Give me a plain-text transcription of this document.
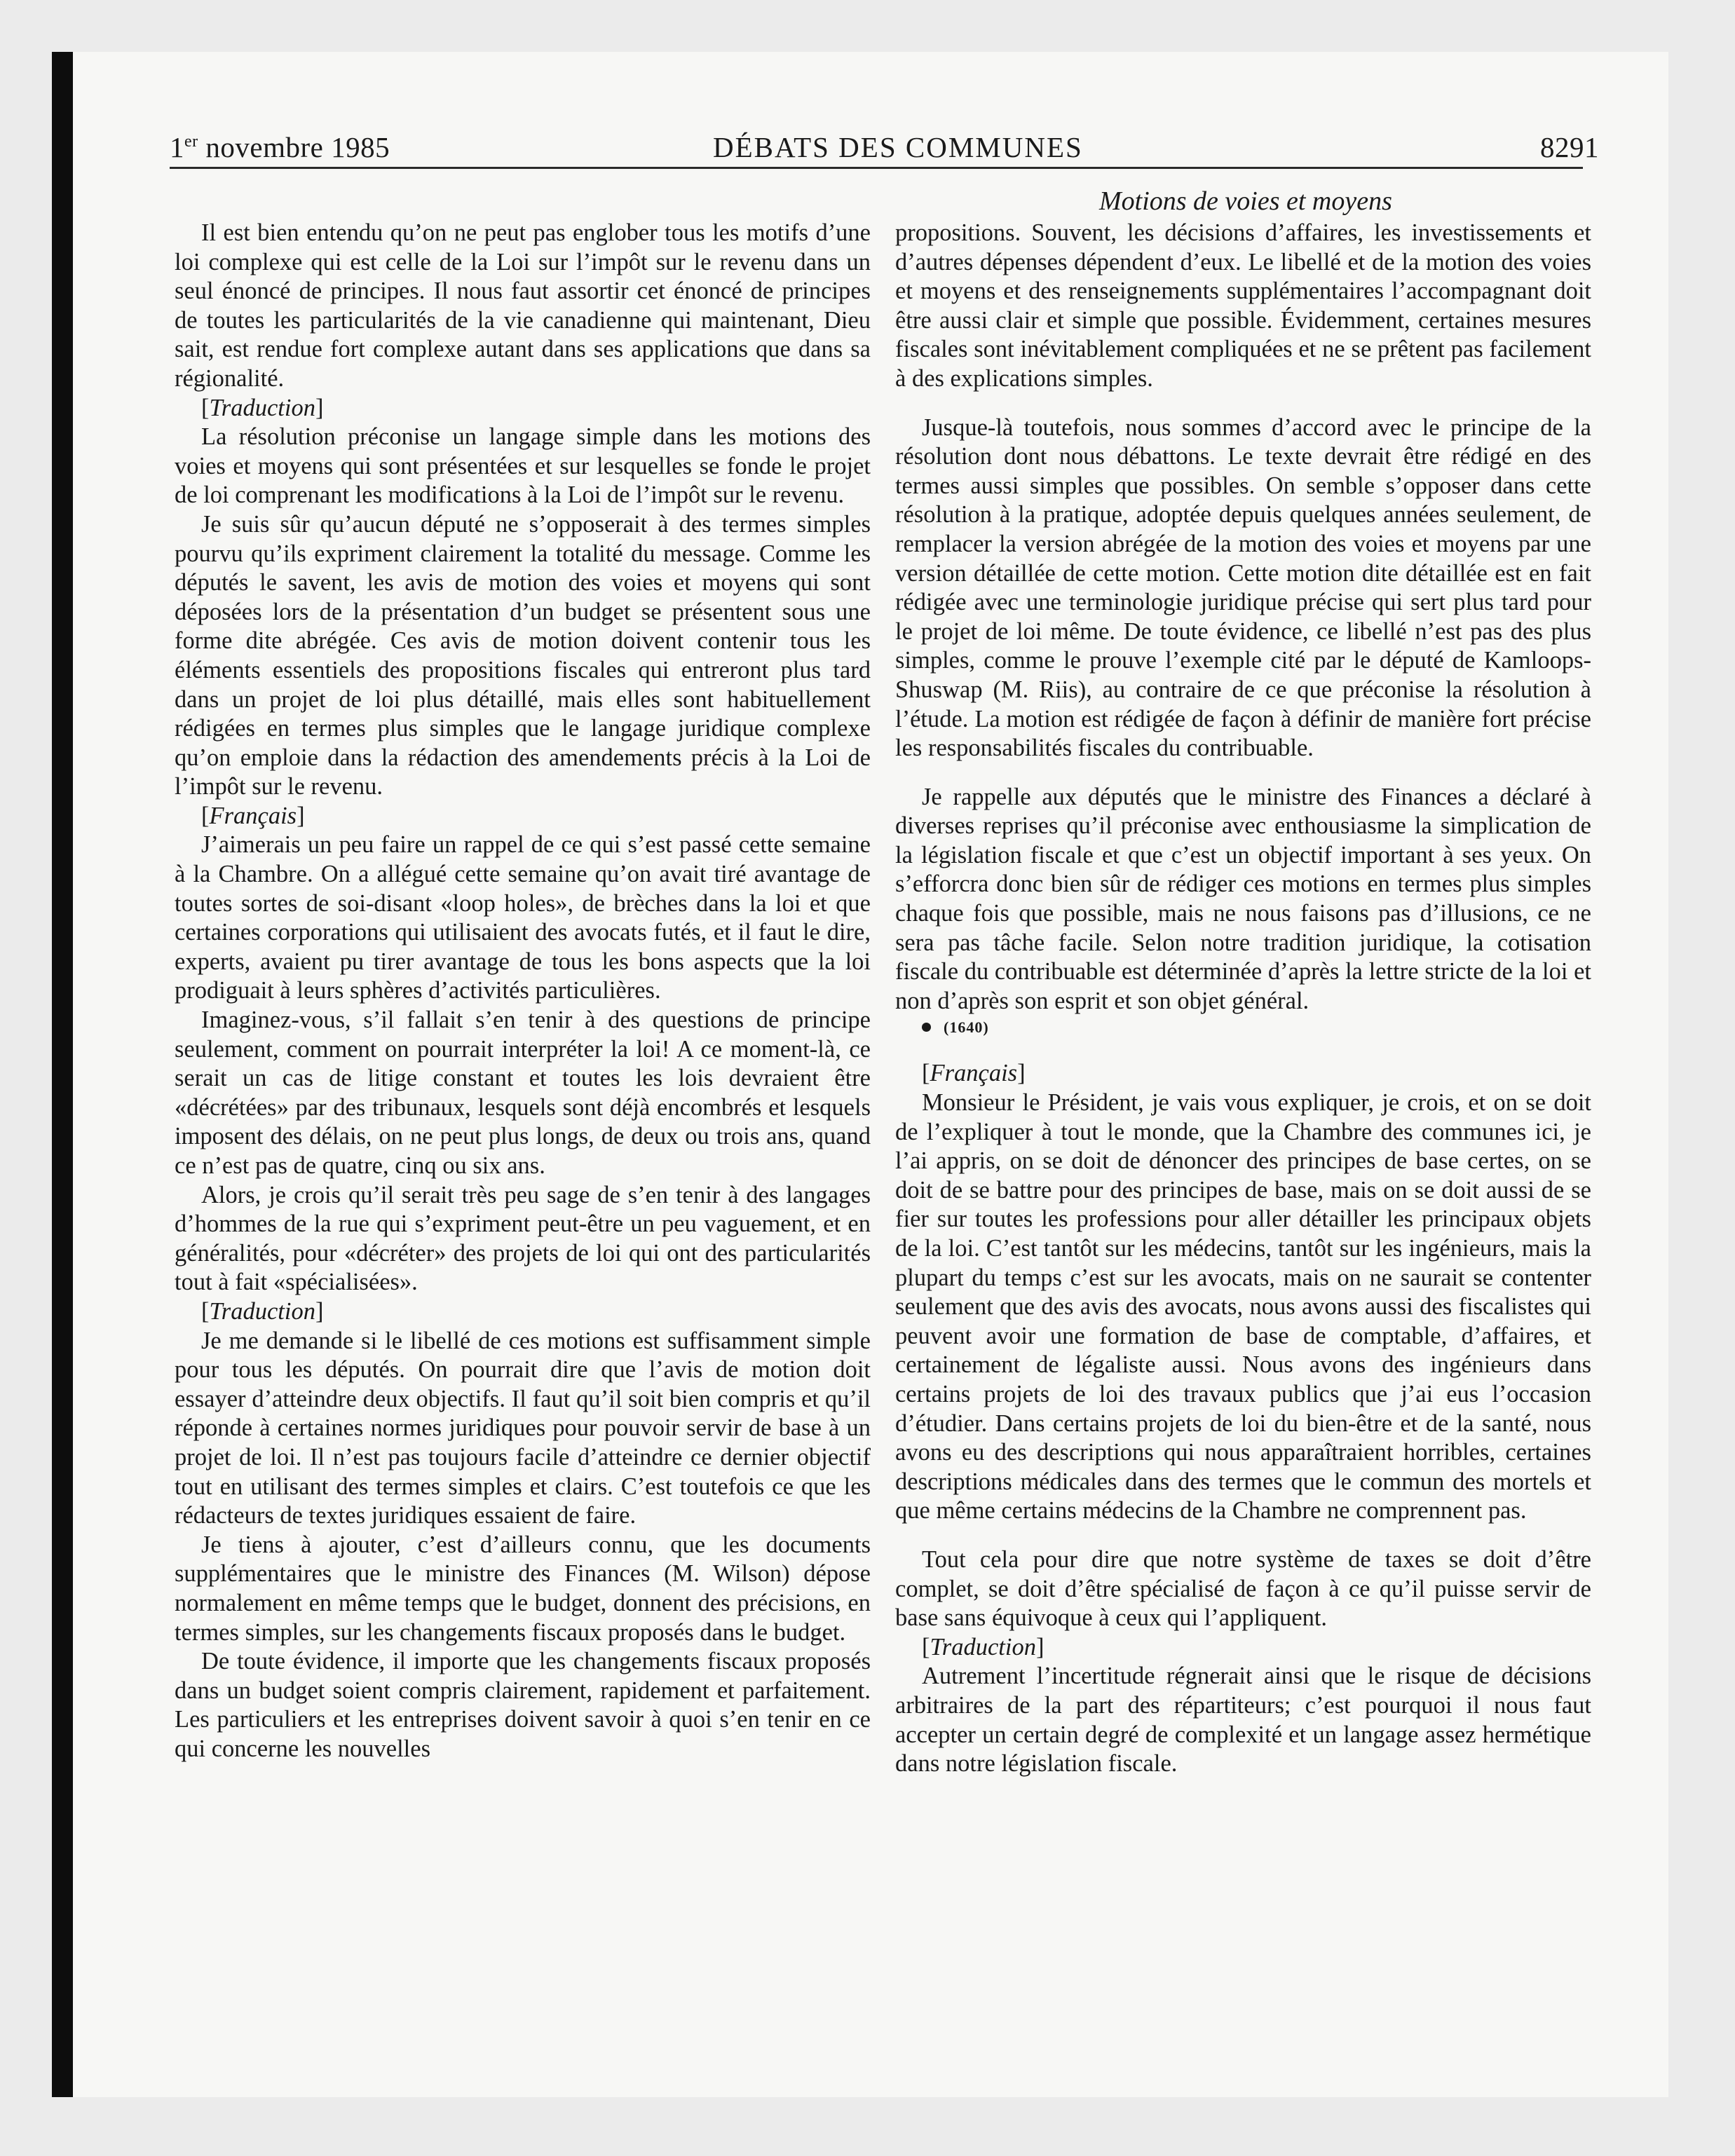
1er novembre 1985	DÉBATS DES COMMUNES	8291
Motions de voies et moyens

Il est bien entendu qu’on ne peut pas englober tous les motifs d’une loi complexe qui est celle de la Loi sur l’impôt sur le revenu dans un seul énoncé de principes. Il nous faut assortir cet énoncé de principes de toutes les particularités de la vie canadienne qui maintenant, Dieu sait, est rendue fort complexe autant dans ses applications que dans sa régionalité.

[Traduction]

La résolution préconise un langage simple dans les motions des voies et moyens qui sont présentées et sur lesquelles se fonde le projet de loi comprenant les modifications à la Loi de l’impôt sur le revenu.

Je suis sûr qu’aucun député ne s’opposerait à des termes simples pourvu qu’ils expriment clairement la totalité du message. Comme les députés le savent, les avis de motion des voies et moyens qui sont déposées lors de la présentation d’un budget se présentent sous une forme dite abrégée. Ces avis de motion doivent contenir tous les éléments essentiels des propositions fiscales qui entreront plus tard dans un projet de loi plus détaillé, mais elles sont habituellement rédigées en termes plus simples que le langage juridique complexe qu’on emploie dans la rédaction des amendements précis à la Loi de l’impôt sur le revenu.

[Français]

J’aimerais un peu faire un rappel de ce qui s’est passé cette semaine à la Chambre. On a allégué cette semaine qu’on avait tiré avantage de toutes sortes de soi-disant «loop holes», de brèches dans la loi et que certaines corporations qui utilisaient des avocats futés, et il faut le dire, experts, avaient pu tirer avantage de tous les bons aspects que la loi prodiguait à leurs sphères d’activités particulières.

Imaginez-vous, s’il fallait s’en tenir à des questions de principe seulement, comment on pourrait interpréter la loi! A ce moment-là, ce serait un cas de litige constant et toutes les lois devraient être «décrétées» par des tribunaux, lesquels sont déjà encombrés et lesquels imposent des délais, on ne peut plus longs, de deux ou trois ans, quand ce n’est pas de quatre, cinq ou six ans.

Alors, je crois qu’il serait très peu sage de s’en tenir à des langages d’hommes de la rue qui s’expriment peut-être un peu vaguement, et en généralités, pour «décréter» des projets de loi qui ont des particularités tout à fait «spécialisées».

[Traduction]

Je me demande si le libellé de ces motions est suffisamment simple pour tous les députés. On pourrait dire que l’avis de motion doit essayer d’atteindre deux objectifs. Il faut qu’il soit bien compris et qu’il réponde à certaines normes juridiques pour pouvoir servir de base à un projet de loi. Il n’est pas toujours facile d’atteindre ce dernier objectif tout en utilisant des termes simples et clairs. C’est toutefois ce que les rédacteurs de textes juridiques essaient de faire.

Je tiens à ajouter, c’est d’ailleurs connu, que les documents supplémentaires que le ministre des Finances (M. Wilson) dépose normalement en même temps que le budget, donnent des précisions, en termes simples, sur les changements fiscaux proposés dans le budget.

De toute évidence, il importe que les changements fiscaux proposés dans un budget soient compris clairement, rapidement et parfaitement. Les particuliers et les entreprises doivent savoir à quoi s’en tenir en ce qui concerne les nouvelles

propositions. Souvent, les décisions d’affaires, les investissements et d’autres dépenses dépendent d’eux. Le libellé et de la motion des voies et moyens et des renseignements supplémentaires l’accompagnant doit être aussi clair et simple que possible. Évidemment, certaines mesures fiscales sont inévitablement compliquées et ne se prêtent pas facilement à des explications simples.

Jusque-là toutefois, nous sommes d’accord avec le principe de la résolution dont nous débattons. Le texte devrait être rédigé en des termes aussi simples que possibles. On semble s’opposer dans cette résolution à la pratique, adoptée depuis quelques années seulement, de remplacer la version abrégée de la motion des voies et moyens par une version détaillée de cette motion. Cette motion dite détaillée est en fait rédigée avec une terminologie juridique précise qui sert plus tard pour le projet de loi même. De toute évidence, ce libellé n’est pas des plus simples, comme le prouve l’exemple cité par le député de Kamloops-Shuswap (M. Riis), au contraire de ce que préconise la résolution à l’étude. La motion est rédigée de façon à définir de manière fort précise les responsabilités fiscales du contribuable.

Je rappelle aux députés que le ministre des Finances a déclaré à diverses reprises qu’il préconise avec enthousiasme la simplication de la législation fiscale et que c’est un objectif important à ses yeux. On s’efforcra donc bien sûr de rédiger ces motions en termes plus simples chaque fois que possible, mais ne nous faisons pas d’illusions, ce ne sera pas tâche facile. Selon notre tradition juridique, la cotisation fiscale du contribuable est déterminée d’après la lettre stricte de la loi et non d’après son esprit et son objet général.

(1640)

[Français]

Monsieur le Président, je vais vous expliquer, je crois, et on se doit de l’expliquer à tout le monde, que la Chambre des communes ici, je l’ai appris, on se doit de dénoncer des principes de base certes, on se doit de se battre pour des principes de base, mais on se doit aussi de se fier sur toutes les professions pour aller détailler les principaux objets de la loi. C’est tantôt sur les médecins, tantôt sur les ingénieurs, mais la plupart du temps c’est sur les avocats, mais on ne saurait se contenter seulement que des avis des avocats, nous avons aussi des fiscalistes qui peuvent avoir une formation de base de comptable, d’affaires, et certainement de légaliste aussi. Nous avons des ingénieurs dans certains projets de loi des travaux publics que j’ai eus l’occasion d’étudier. Dans certains projets de loi du bien-être et de la santé, nous avons eu des descriptions qui nous apparaîtraient horribles, certaines descriptions médicales dans des termes que le commun des mortels et que même certains médecins de la Chambre ne comprennent pas.

Tout cela pour dire que notre système de taxes se doit d’être complet, se doit d’être spécialisé de façon à ce qu’il puisse servir de base sans équivoque à ceux qui l’appliquent.

[Traduction]

Autrement l’incertitude régnerait ainsi que le risque de décisions arbitraires de la part des répartiteurs; c’est pourquoi il nous faut accepter un certain degré de complexité et un langage assez hermétique dans notre législation fiscale.
